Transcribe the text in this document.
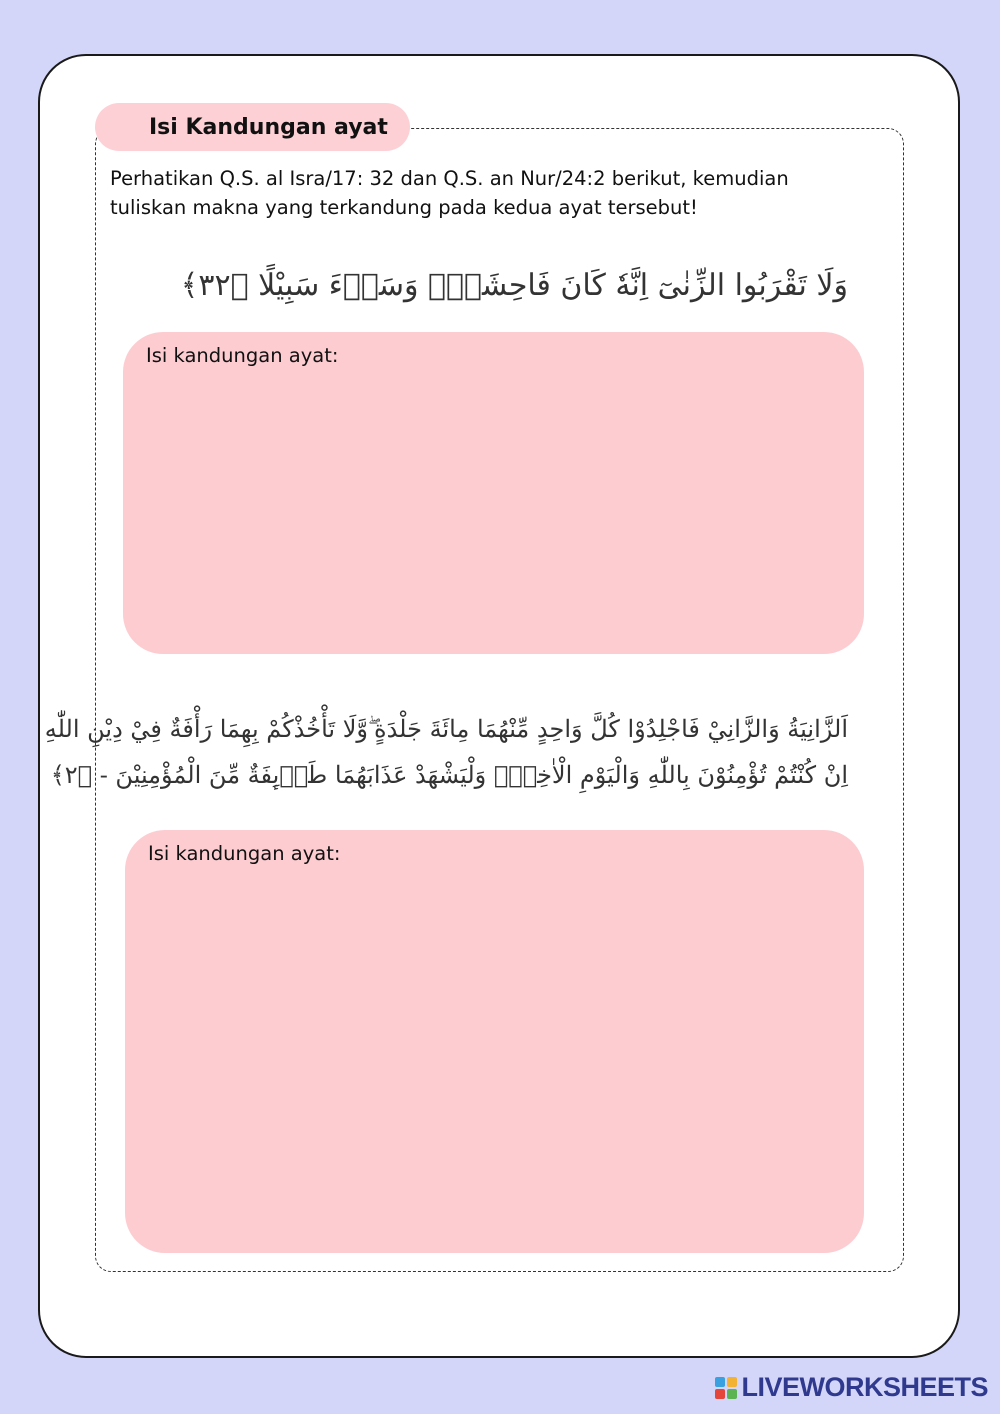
Isi Kandungan ayat

Perhatikan Q.S. al Isra/17: 32 dan Q.S. an Nur/24:2 berikut, kemudian tuliskan makna yang terkandung pada kedua ayat tersebut!

وَلَا تَقْرَبُوا الزِّنٰىٓ اِنَّهٗ كَانَ فَاحِشَةًۗ وَسَاۤءَ سَبِيْلًا ﴿٣٢﴾
Isi kandungan ayat:
اَلزَّانِيَةُ وَالزَّانِيْ فَاجْلِدُوْا كُلَّ وَاحِدٍ مِّنْهُمَا مِائَةَ جَلْدَةٍ ۖوَّلَا تَأْخُذْكُمْ بِهِمَا رَأْفَةٌ فِيْ دِيْنِ اللّٰهِ
اِنْ كُنْتُمْ تُؤْمِنُوْنَ بِاللّٰهِ وَالْيَوْمِ الْاٰخِرِۚ وَلْيَشْهَدْ عَذَابَهُمَا طَاۤىِٕفَةٌ مِّنَ الْمُؤْمِنِيْنَ - ﴿٢﴾
Isi kandungan ayat:
LIVEWORKSHEETS
